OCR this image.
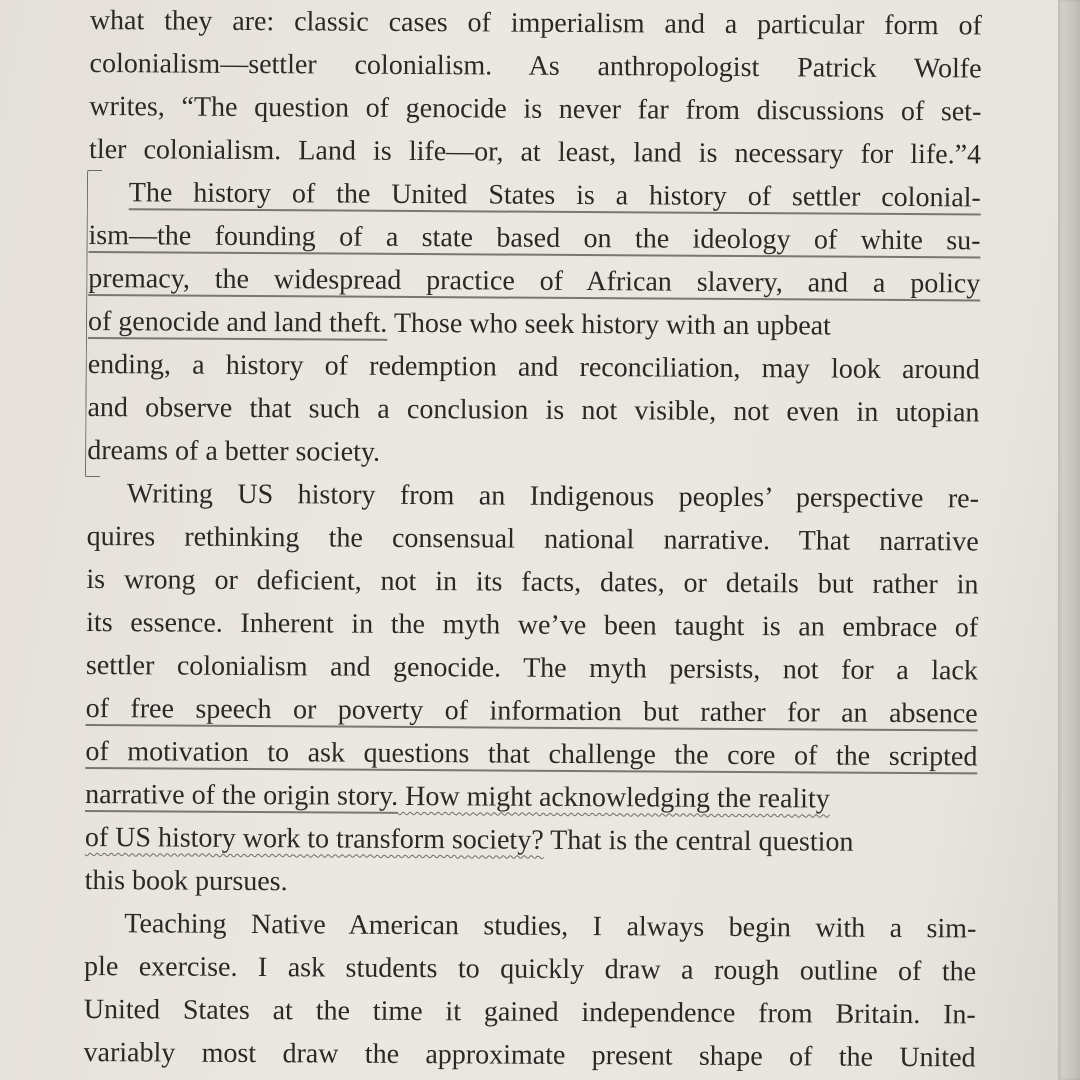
what they are: classic cases of imperialism and a particular form of
colonialism—settler colonialism. As anthropologist Patrick Wolfe
writes, “The question of genocide is never far from discussions of set-
tler colonialism. Land is life—or, at least, land is necessary for life.”4
The history of the United States is a history of settler colonial-
ism—the founding of a state based on the ideology of white su-
premacy, the widespread practice of African slavery, and a policy
of genocide and land theft. Those who seek history with an upbeat
ending, a history of redemption and reconciliation, may look around
and observe that such a conclusion is not visible, not even in utopian
dreams of a better society.
Writing US history from an Indigenous peoples’ perspective re-
quires rethinking the consensual national narrative. That narrative
is wrong or deficient, not in its facts, dates, or details but rather in
its essence. Inherent in the myth we’ve been taught is an embrace of
settler colonialism and genocide. The myth persists, not for a lack
of free speech or poverty of information but rather for an absence
of motivation to ask questions that challenge the core of the scripted
narrative of the origin story. How might acknowledging the reality
of US history work to transform society? That is the central question
this book pursues.
Teaching Native American studies, I always begin with a sim-
ple exercise. I ask students to quickly draw a rough outline of the
United States at the time it gained independence from Britain. In-
variably most draw the approximate present shape of the United
